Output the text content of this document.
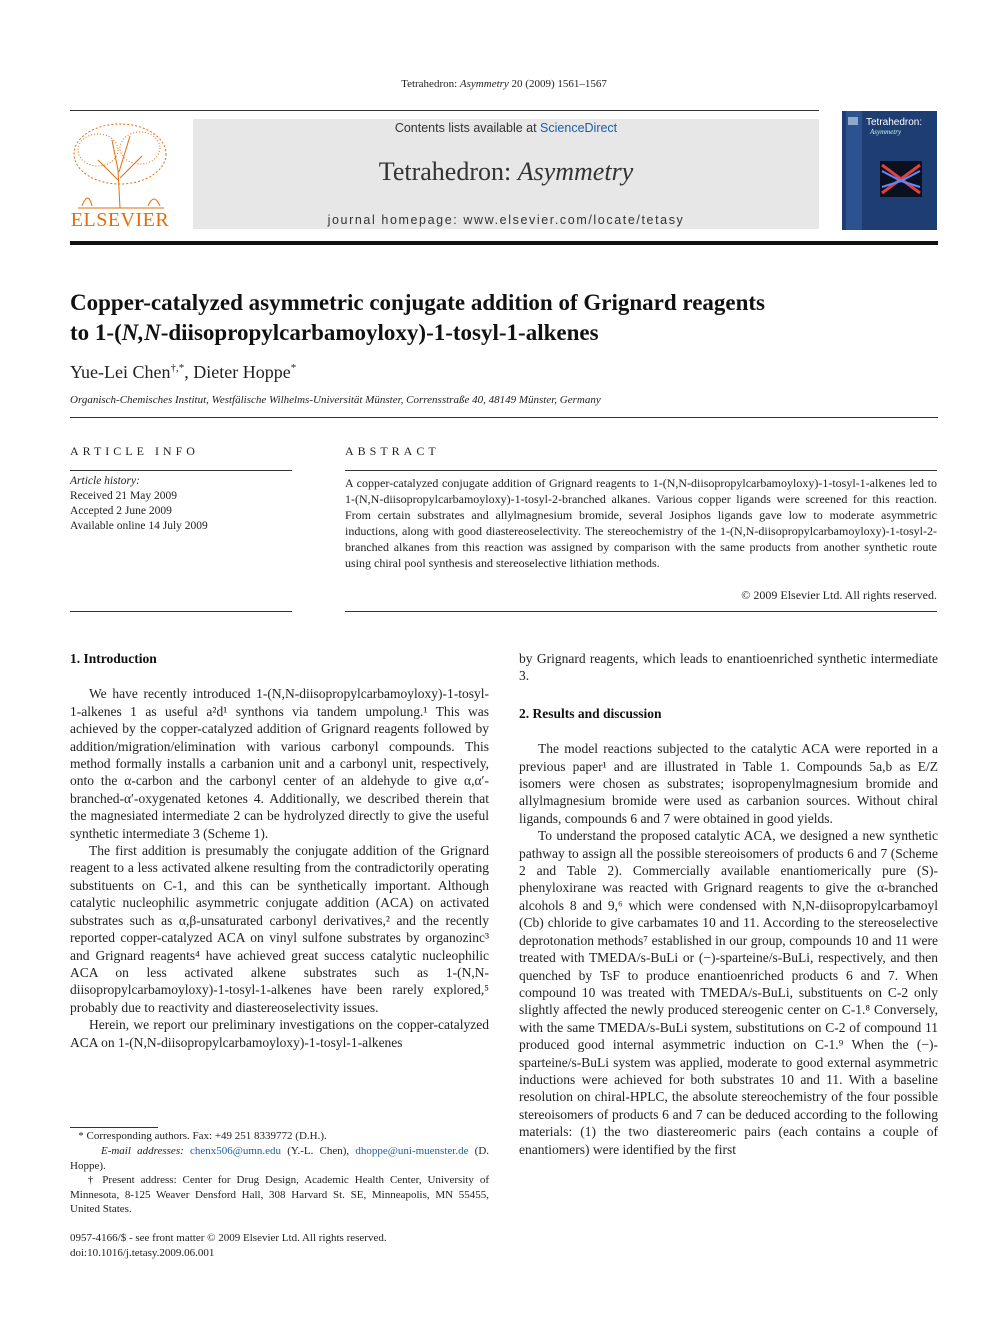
Tetrahedron: Asymmetry 20 (2009) 1561–1567
ELSEVIER
Contents lists available at ScienceDirect
Tetrahedron: Asymmetry
journal homepage: www.elsevier.com/locate/tetasy
Tetrahedron:
Asymmetry
Copper-catalyzed asymmetric conjugate addition of Grignard reagents
to 1-(N,N-diisopropylcarbamoyloxy)-1-tosyl-1-alkenes
Yue-Lei Chen†,*, Dieter Hoppe*
Organisch-Chemisches Institut, Westfälische Wilhelms-Universität Münster, Corrensstraße 40, 48149 Münster, Germany
ARTICLE INFO
Article history:
Received 21 May 2009
Accepted 2 June 2009
Available online 14 July 2009
ABSTRACT
A copper-catalyzed conjugate addition of Grignard reagents to 1-(N,N-diisopropylcarbamoyloxy)-1-tosyl-1-alkenes led to 1-(N,N-diisopropylcarbamoyloxy)-1-tosyl-2-branched alkanes. Various copper ligands were screened for this reaction. From certain substrates and allylmagnesium bromide, several Josiphos ligands gave low to moderate asymmetric inductions, along with good diastereoselectivity. The stereochemistry of the 1-(N,N-diisopropylcarbamoyloxy)-1-tosyl-2-branched alkanes from this reaction was assigned by comparison with the same products from another synthetic route using chiral pool synthesis and stereoselective lithiation methods.
© 2009 Elsevier Ltd. All rights reserved.
1. Introduction

We have recently introduced 1-(N,N-diisopropylcarbamoyloxy)-1-tosyl-1-alkenes 1 as useful a²d¹ synthons via tandem umpolung.¹ This was achieved by the copper-catalyzed addition of Grignard reagents followed by addition/migration/elimination with various carbonyl compounds. This method formally installs a carbanion unit and a carbonyl unit, respectively, onto the α-carbon and the carbonyl center of an aldehyde to give α,α′-branched-α′-oxygenated ketones 4. Additionally, we described therein that the magnesiated intermediate 2 can be hydrolyzed directly to give the useful synthetic intermediate 3 (Scheme 1).

The first addition is presumably the conjugate addition of the Grignard reagent to a less activated alkene resulting from the contradictorily operating substituents on C-1, and this can be synthetically important. Although catalytic nucleophilic asymmetric conjugate addition (ACA) on activated substrates such as α,β-unsaturated carbonyl derivatives,² and the recently reported copper-catalyzed ACA on vinyl sulfone substrates by organozinc³ and Grignard reagents⁴ have achieved great success catalytic nucleophilic ACA on less activated alkene substrates such as 1-(N,N-diisopropylcarbamoyloxy)-1-tosyl-1-alkenes have been rarely explored,⁵ probably due to reactivity and diastereoselectivity issues.

Herein, we report our preliminary investigations on the copper-catalyzed ACA on 1-(N,N-diisopropylcarbamoyloxy)-1-tosyl-1-alkenes

by Grignard reagents, which leads to enantioenriched synthetic intermediate 3.

2. Results and discussion

The model reactions subjected to the catalytic ACA were reported in a previous paper¹ and are illustrated in Table 1. Compounds 5a,b as E/Z isomers were chosen as substrates; isopropenylmagnesium bromide and allylmagnesium bromide were used as carbanion sources. Without chiral ligands, compounds 6 and 7 were obtained in good yields.

To understand the proposed catalytic ACA, we designed a new synthetic pathway to assign all the possible stereoisomers of products 6 and 7 (Scheme 2 and Table 2). Commercially available enantiomerically pure (S)-phenyloxirane was reacted with Grignard reagents to give the α-branched alcohols 8 and 9,⁶ which were condensed with N,N-diisopropylcarbamoyl (Cb) chloride to give carbamates 10 and 11. According to the stereoselective deprotonation methods⁷ established in our group, compounds 10 and 11 were treated with TMEDA/s-BuLi or (−)-sparteine/s-BuLi, respectively, and then quenched by TsF to produce enantioenriched products 6 and 7. When compound 10 was treated with TMEDA/s-BuLi, substituents on C-2 only slightly affected the newly produced stereogenic center on C-1.⁸ Conversely, with the same TMEDA/s-BuLi system, substitutions on C-2 of compound 11 produced good internal asymmetric induction on C-1.⁹ When the (−)-sparteine/s-BuLi system was applied, moderate to good external asymmetric inductions were achieved for both substrates 10 and 11. With a baseline resolution on chiral-HPLC, the absolute stereochemistry of the four possible stereoisomers of products 6 and 7 can be deduced according to the following materials: (1) the two diastereomeric pairs (each contains a couple of enantiomers) were identified by the first

* Corresponding authors. Fax: +49 251 8339772 (D.H.).
E-mail addresses: chenx506@umn.edu (Y.-L. Chen), dhoppe@uni-muenster.de (D. Hoppe).
† Present address: Center for Drug Design, Academic Health Center, University of Minnesota, 8-125 Weaver Densford Hall, 308 Harvard St. SE, Minneapolis, MN 55455, United States.
0957-4166/$ - see front matter © 2009 Elsevier Ltd. All rights reserved.
doi:10.1016/j.tetasy.2009.06.001
